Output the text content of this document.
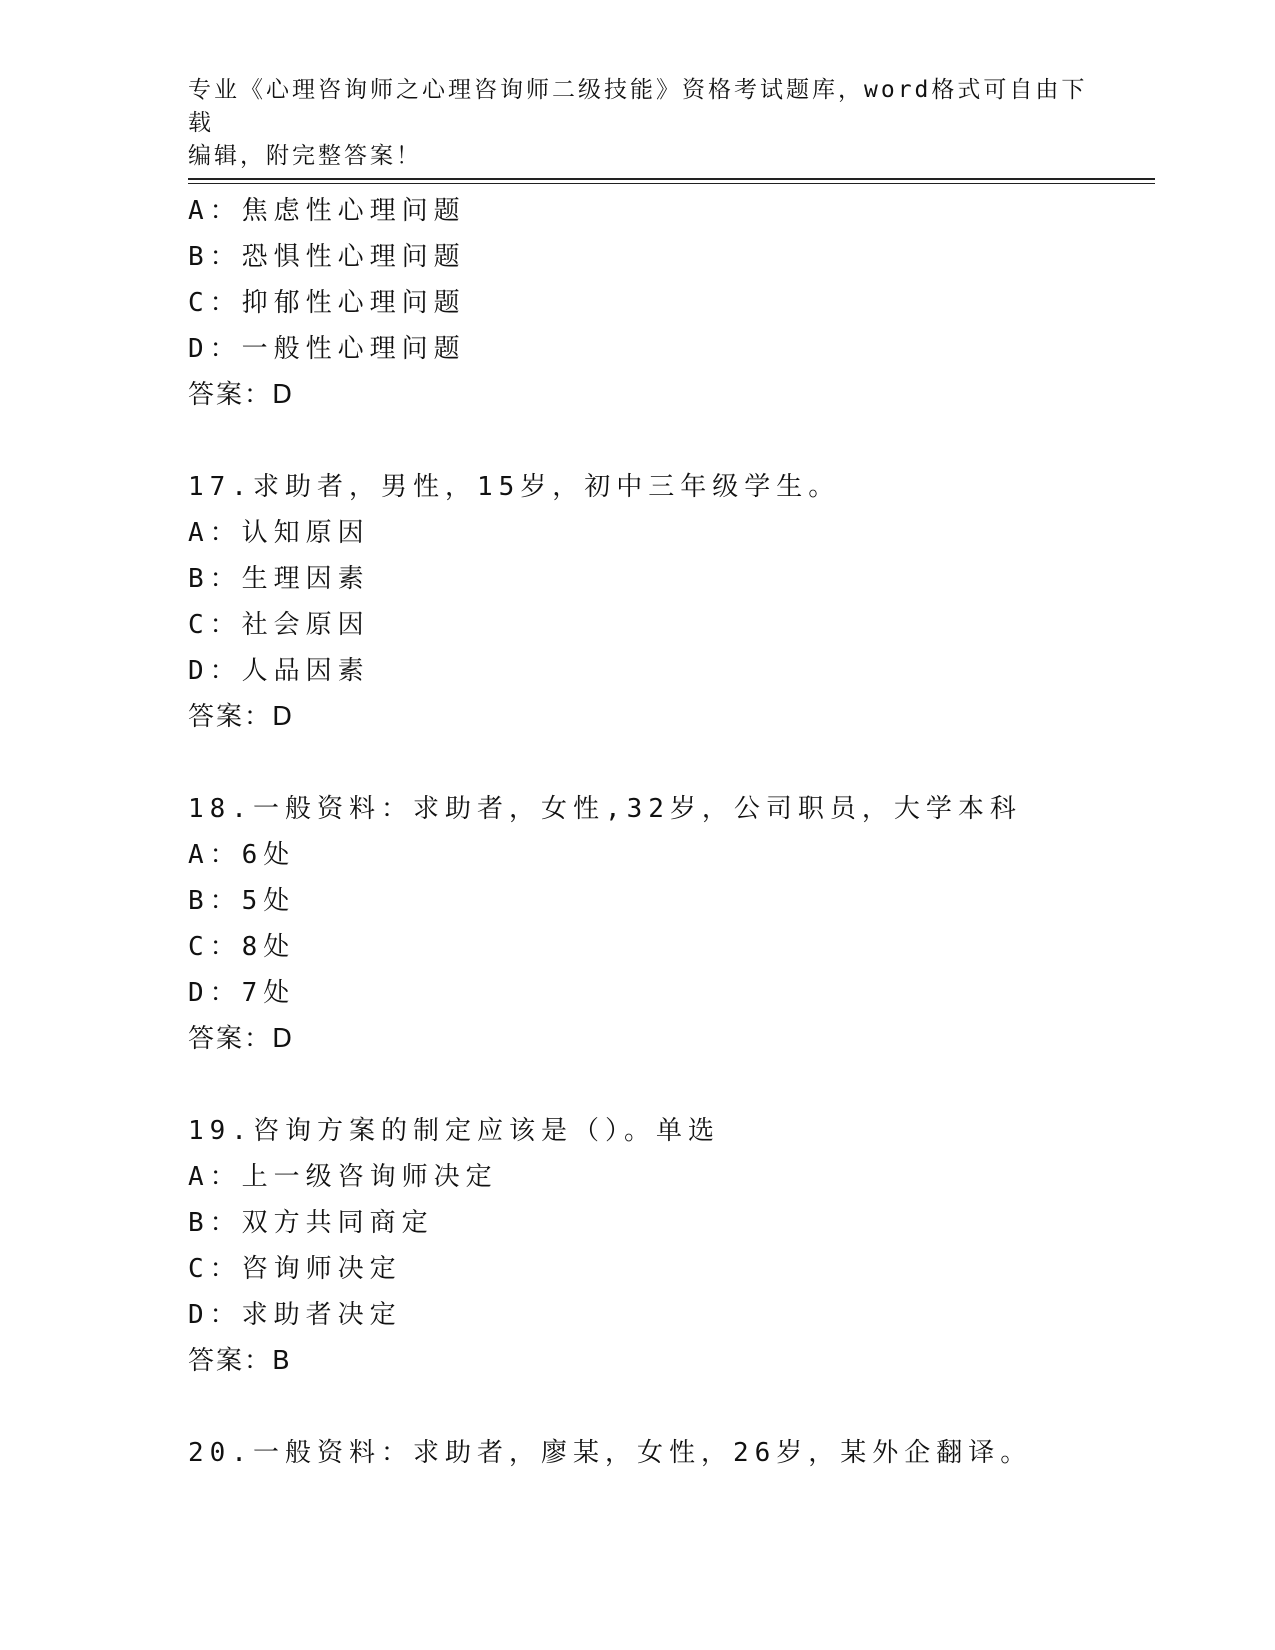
专业《心理咨询师之心理咨询师二级技能》资格考试题库，word格式可自由下载
编辑，附完整答案！
A：焦虑性心理问题
B：恐惧性心理问题
C：抑郁性心理问题
D：一般性心理问题
答案：D
17.求助者，男性，15岁，初中三年级学生。
A：认知原因
B：生理因素
C：社会原因
D：人品因素
答案：D
18.一般资料：求助者，女性,32岁，公司职员，大学本科
A：6处
B：5处
C：8处
D：7处
答案：D
19.咨询方案的制定应该是（）。单选
A：上一级咨询师决定
B：双方共同商定
C：咨询师决定
D：求助者决定
答案：B
20.一般资料：求助者，廖某，女性，26岁，某外企翻译。
